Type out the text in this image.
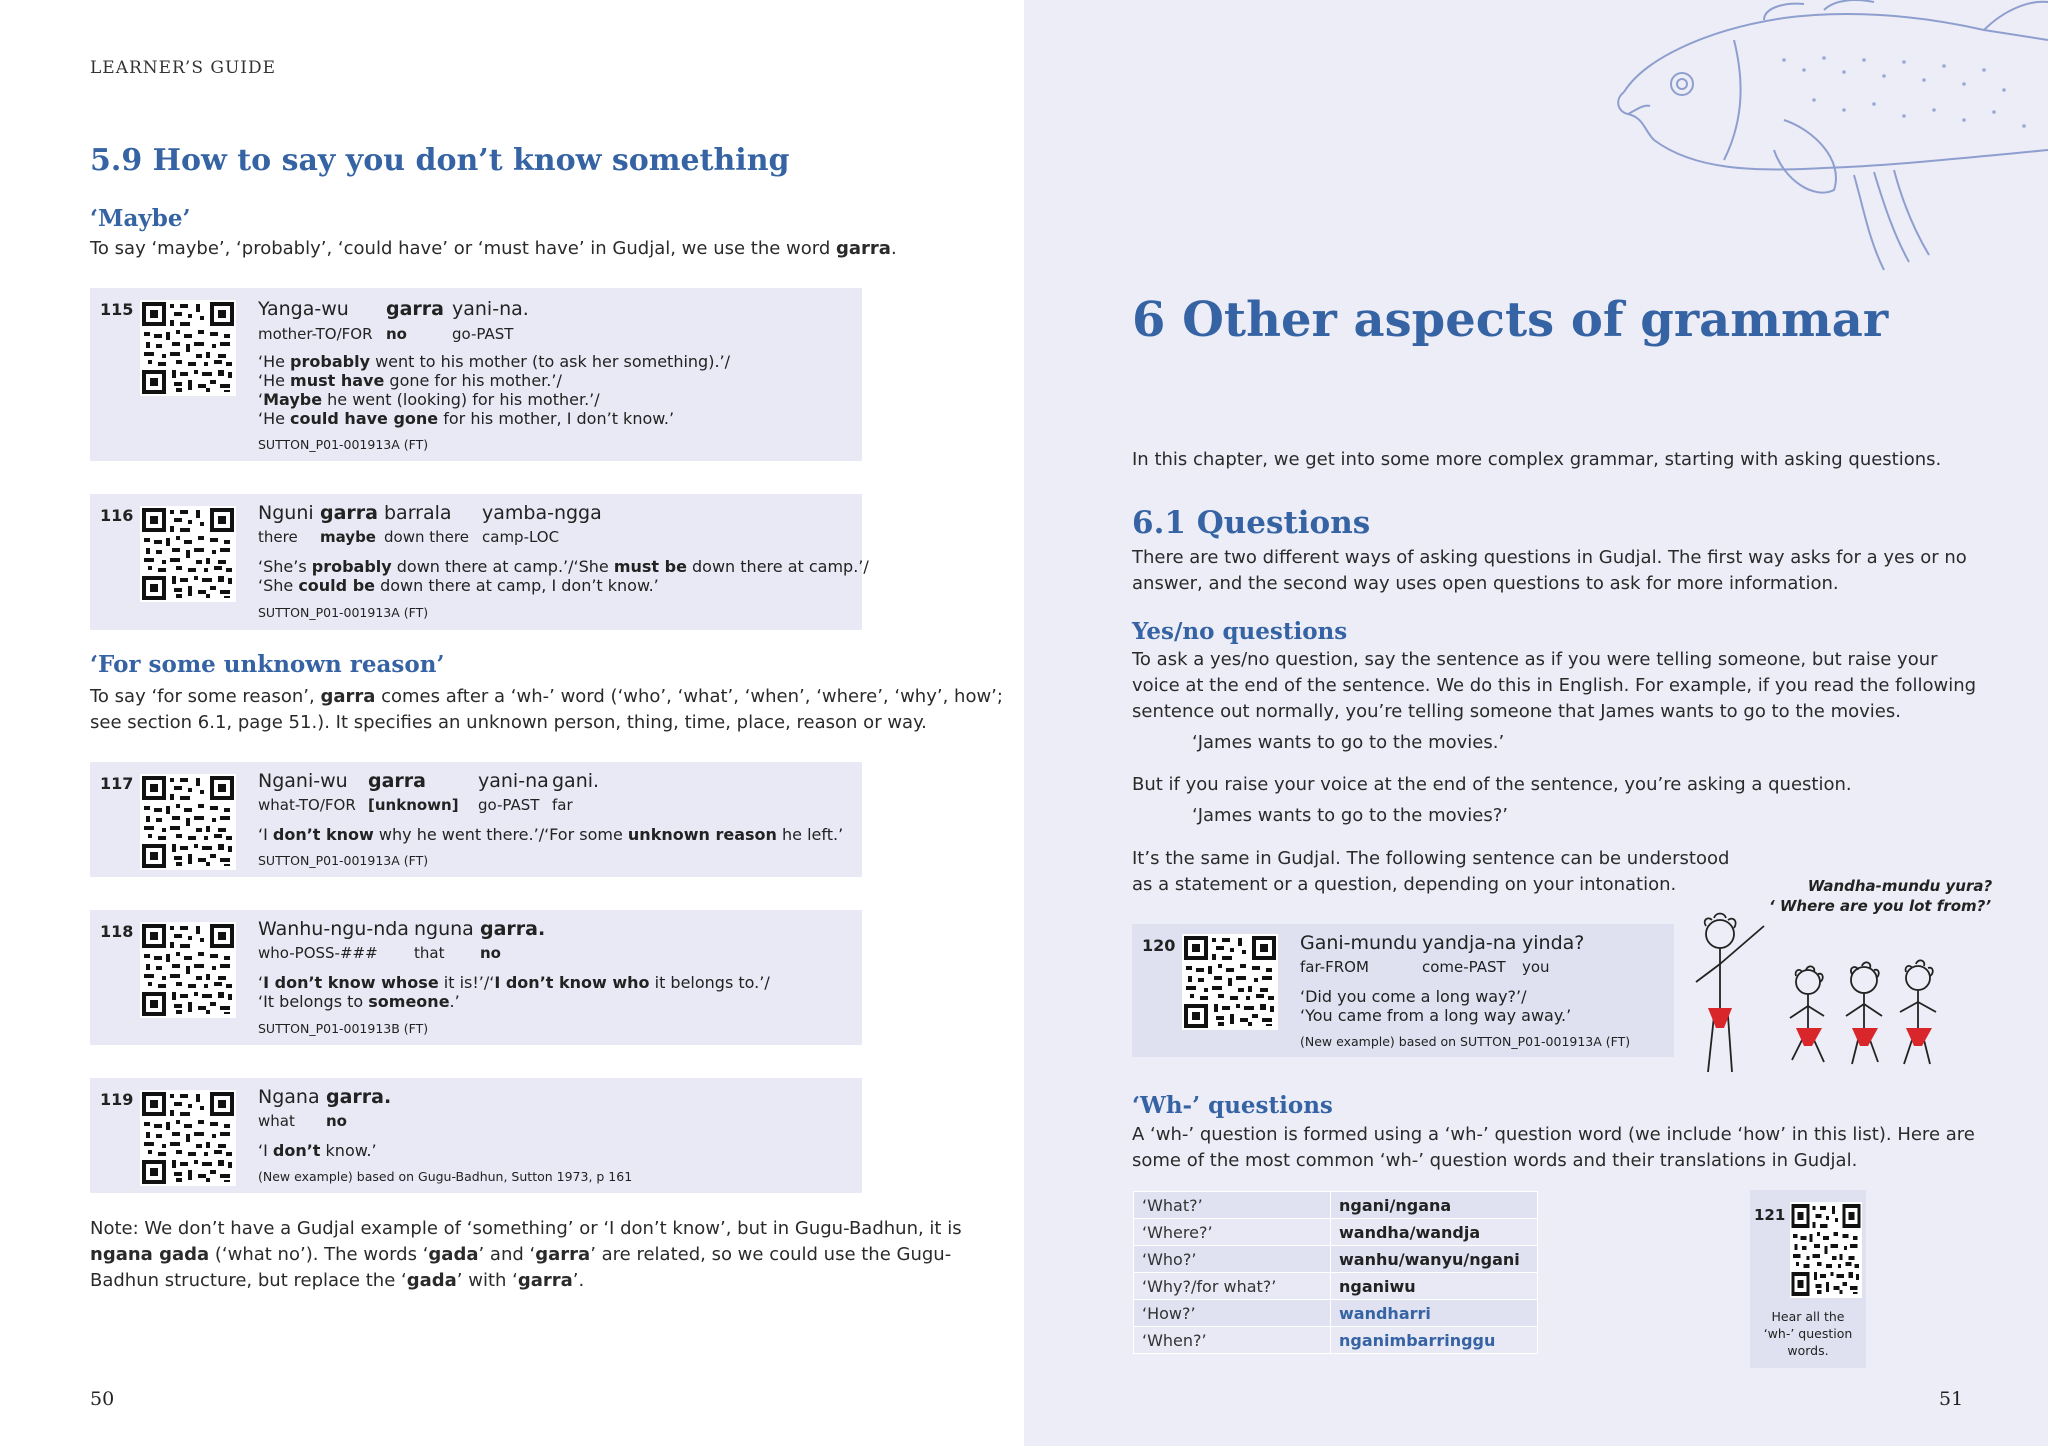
LEARNER’S GUIDE
5.9 How to say you don’t know something
‘Maybe’
To say ‘maybe’, ‘probably’, ‘could have’ or ‘must have’ in Gudjal, we use the word garra.
115	Yanga-wu garra yani-na.
mother-TO/FOR no	go-PAST
‘He probably went to his mother (to ask her something).’/
‘He must have gone for his mother.’/
‘Maybe he went (looking) for his mother.’/
‘He could have gone for his mother, I don’t know.’
SUTTON_P01-001913A (FT)
116	Nguni garra barrala yamba-ngga
there maybe down there camp-LOC
‘She’s probably down there at camp.’/‘She must be down there at camp.’/
‘She could be down there at camp, I don’t know.’
SUTTON_P01-001913A (FT)
‘For some unknown reason’
To say ‘for some reason’, garra comes after a ‘wh-’ word (‘who’, ‘what’, ‘when’, ‘where’, ‘why’, how’;
see section 6.1, page 51.). It specifies an unknown person, thing, time, place, reason or way.
117	Ngani-wu garra	yani-na gani.
what-TO/FOR [unknown] go-PAST far
‘I don’t know why he went there.’/‘For some unknown reason he left.’
SUTTON_P01-001913A (FT)
118	Wanhu-ngu-nda nguna garra.
who-POSS-### that no
‘I don’t know whose it is!’/‘I don’t know who it belongs to.’/
‘It belongs to someone.’
SUTTON_P01-001913B (FT)
119	Ngana garra.
what no
‘I don’t know.’
(New example) based on Gugu-Badhun, Sutton 1973, p 161
Note: We don’t have a Gudjal example of ‘something’ or ‘I don’t know’, but in Gugu-Badhun, it is
ngana gada (‘what no’). The words ‘gada’ and ‘garra’ are related, so we could use the Gugu-
Badhun structure, but replace the ‘gada’ with ‘garra’.
50
6 Other aspects of grammar
In this chapter, we get into some more complex grammar, starting with asking questions.
6.1 Questions
There are two different ways of asking questions in Gudjal. The first way asks for a yes or no
answer, and the second way uses open questions to ask for more information.
Yes/no questions
To ask a yes/no question, say the sentence as if you were telling someone, but raise your
voice at the end of the sentence. We do this in English. For example, if you read the following
sentence out normally, you’re telling someone that James wants to go to the movies.
‘James wants to go to the movies.’
But if you raise your voice at the end of the sentence, you’re asking a question.
‘James wants to go to the movies?’
It’s the same in Gudjal. The following sentence can be understood
as a statement or a question, depending on your intonation.	Wandha-mundu yura?
‘ Where are you lot from?’
120	Gani-mundu yandja-na yinda?
far-FROM	come-PAST you
‘Did you come a long way?’/
‘You came from a long way away.’
(New example) based on SUTTON_P01-001913A (FT)
‘Wh-’ questions
A ‘wh-’ question is formed using a ‘wh-’ question word (we include ‘how’ in this list). Here are
some of the most common ‘wh-’ question words and their translations in Gudjal.
121
Hear all the
‘wh-’ question
words.
51
‘What?’	ngani/ngana
‘Where?’	wandha/wandja
‘Who?’	wanhu/wanyu/ngani
‘Why?/for what?’	nganiwu
‘How?’	wandharri
‘When?’	nganimbarringgu
